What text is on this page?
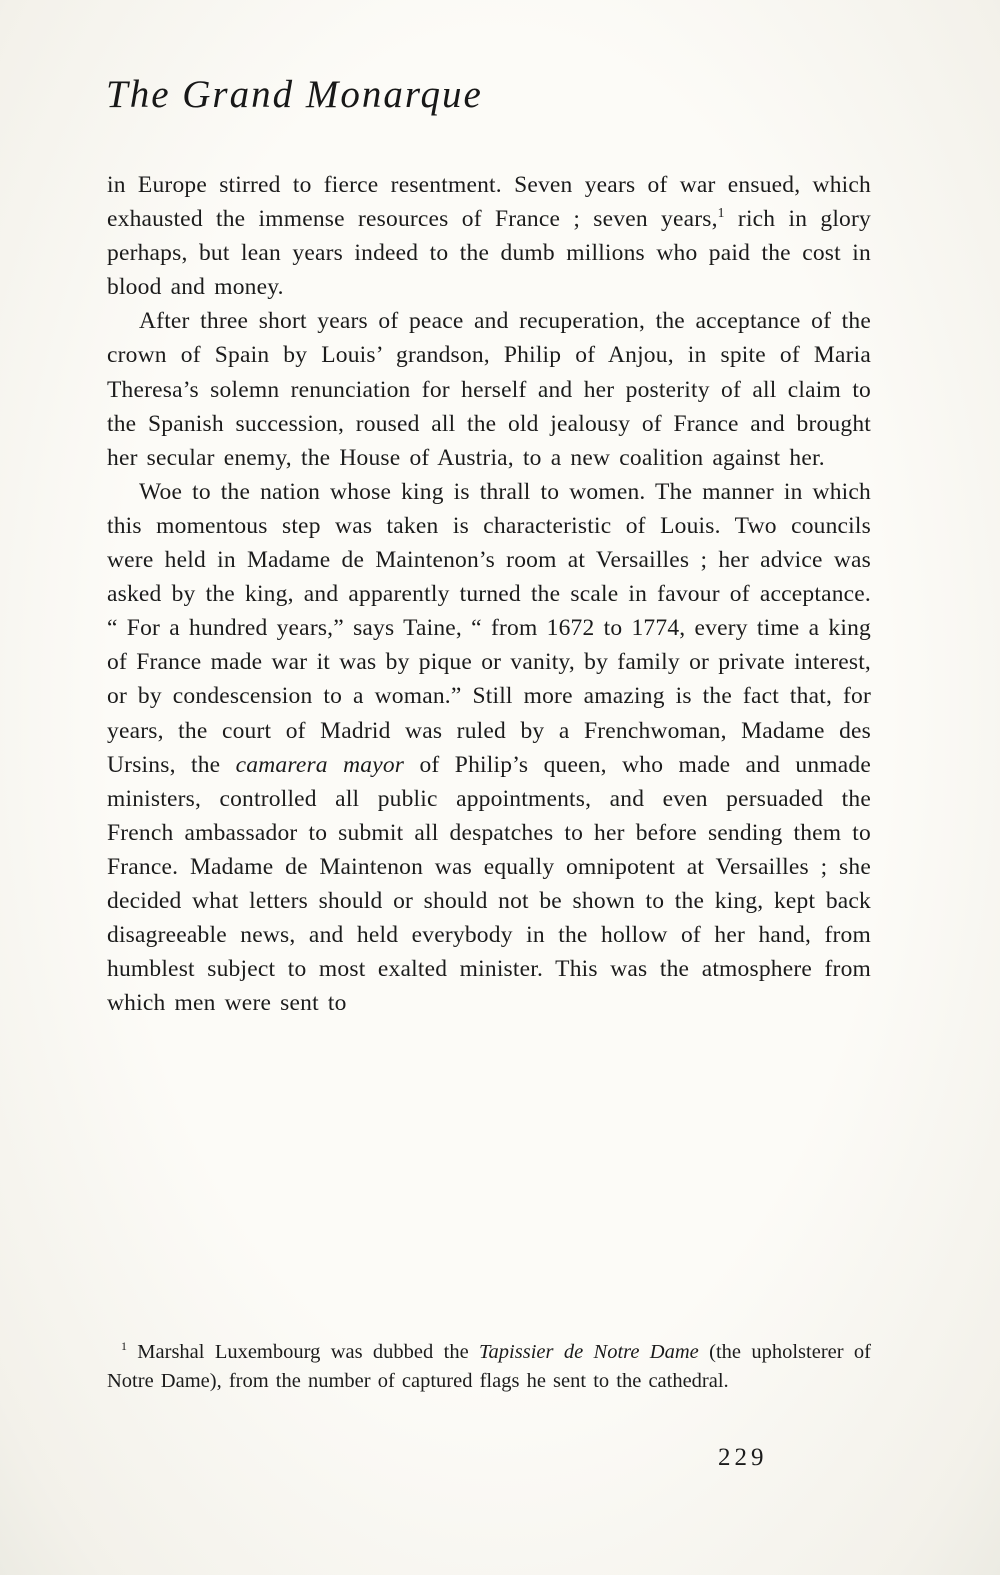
The Grand Monarque

in Europe stirred to fierce resentment. Seven years of war ensued, which exhausted the immense resources of France ; seven years,$^1$ rich in glory perhaps, but lean years indeed to the dumb millions who paid the cost in blood and money.

After three short years of peace and recuperation, the acceptance of the crown of Spain by Louis’ grandson, Philip of Anjou, in spite of Maria Theresa’s solemn renunciation for herself and her posterity of all claim to the Spanish succession, roused all the old jealousy of France and brought her secular enemy, the House of Austria, to a new coalition against her.

Woe to the nation whose king is thrall to women. The manner in which this momentous step was taken is characteristic of Louis. Two councils were held in Madame de Maintenon’s room at Versailles ; her advice was asked by the king, and apparently turned the scale in favour of acceptance. “ For a hundred years,” says Taine, “ from 1672 to 1774, every time a king of France made war it was by pique or vanity, by family or private interest, or by condescension to a woman.” Still more amazing is the fact that, for years, the court of Madrid was ruled by a Frenchwoman, Madame des Ursins, the camarera mayor of Philip’s queen, who made and unmade ministers, controlled all public appointments, and even persuaded the French ambassador to submit all despatches to her before sending them to France. Madame de Maintenon was equally omnipotent at Versailles ; she decided what letters should or should not be shown to the king, kept back disagreeable news, and held everybody in the hollow of her hand, from humblest subject to most exalted minister. This was the atmosphere from which men were sent to

$^1$ Marshal Luxembourg was dubbed the Tapissier de Notre Dame (the upholsterer of Notre Dame), from the number of captured flags he sent to the cathedral.
229
